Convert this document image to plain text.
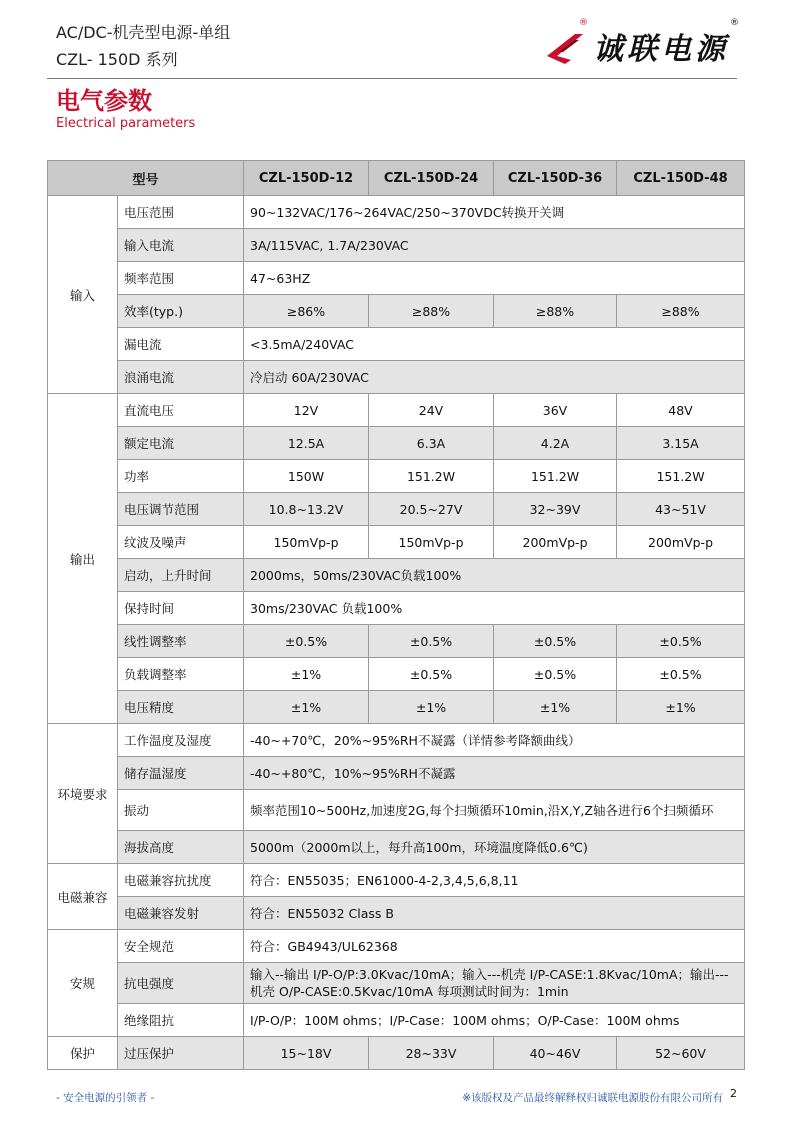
AC/DC-机壳型电源-单组
CZL- 150D 系列
®
诚联电源
®
电气参数
Electrical parameters
型号		CZL-150D-12	CZL-150D-24	CZL-150D-36	CZL-150D-48
输入	电压范围	90~132VAC/176~264VAC/250~370VDC转换开关调			
	输入电流	3A/115VAC, 1.7A/230VAC			
	频率范围	47~63HZ			
	效率(typ.)	≥86%	≥88%	≥88%	≥88%
	漏电流	<3.5mA/240VAC			
	浪涌电流	冷启动 60A/230VAC			
输出	直流电压	12V	24V	36V	48V
	额定电流	12.5A	6.3A	4.2A	3.15A
	功率	150W	151.2W	151.2W	151.2W
	电压调节范围	10.8~13.2V	20.5~27V	32~39V	43~51V
	纹波及噪声	150mVp-p	150mVp-p	200mVp-p	200mVp-p
	启动，上升时间	2000ms，50ms/230VAC负载100%			
	保持时间	30ms/230VAC 负载100%			
	线性调整率	±0.5%	±0.5%	±0.5%	±0.5%
	负载调整率	±1%	±0.5%	±0.5%	±0.5%
	电压精度	±1%	±1%	±1%	±1%
环境要求	工作温度及湿度	-40~+70℃，20%~95%RH不凝露（详情参考降额曲线）			
	储存温湿度	-40~+80℃，10%~95%RH不凝露			
	振动	频率范围10~500Hz,加速度2G,每个扫频循环10min,沿X,Y,Z轴各进行6个扫频循环			
	海拔高度	5000m（2000m以上，每升高100m，环境温度降低0.6℃)			
电磁兼容	电磁兼容抗扰度	符合：EN55035；EN61000-4-2,3,4,5,6,8,11			
	电磁兼容发射	符合：EN55032 Class B			
安规	安全规范	符合：GB4943/UL62368			
	抗电强度	输入--输出 I/P-O/P:3.0Kvac/10mA；输入---机壳 I/P-CASE:1.8Kvac/10mA；输出---机壳 O/P-CASE:0.5Kvac/10mA 每项测试时间为：1min			
	绝缘阻抗	I/P-O/P：100M ohms；I/P-Case：100M ohms；O/P-Case：100M ohms			
保护	过压保护	15~18V	28~33V	40~46V	52~60V
- 安全电源的引领者 -	※该版权及产品最终解释权归诚联电源股份有限公司所有 2
